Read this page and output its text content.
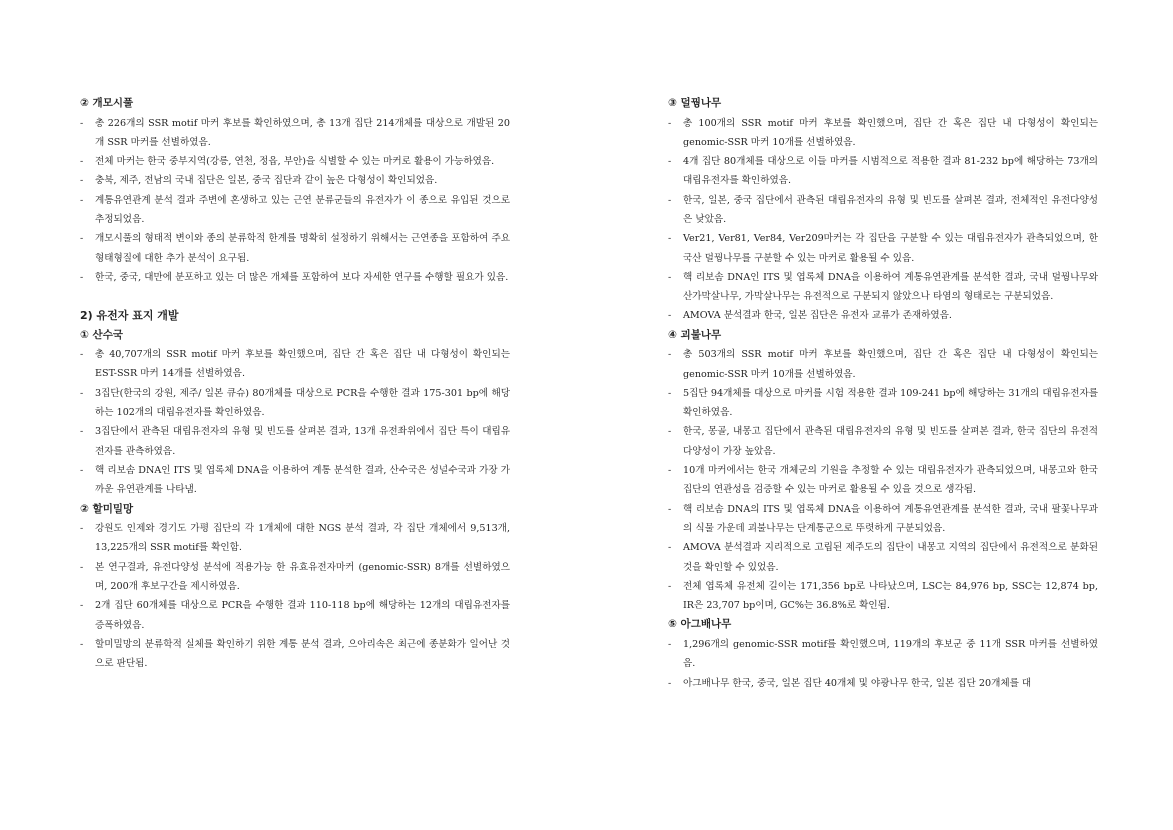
② 개모시풀
- 총 226개의 SSR motif 마커 후보를 확인하였으며, 총 13개 집단 214개체를 대상으로 개발된 20개 SSR 마커를 선별하였음.
- 전체 마커는 한국 중부지역(강릉, 연천, 정읍, 부안)을 식별할 수 있는 마커로 활용이 가능하였음.
- 충북, 제주, 전남의 국내 집단은 일본, 중국 집단과 같이 높은 다형성이 확인되었음.
- 계통유연관계 분석 결과 주변에 혼생하고 있는 근연 분류군들의 유전자가 이 종으로 유입된 것으로 추정되었음.
- 개모시풀의 형태적 변이와 종의 분류학적 한계를 명확히 설정하기 위해서는 근연종을 포함하여 주요 형태형질에 대한 추가 분석이 요구됨.
- 한국, 중국, 대만에 분포하고 있는 더 많은 개체를 포함하여 보다 자세한 연구를 수행할 필요가 있음.
2) 유전자 표지 개발
① 산수국
- 총 40,707개의 SSR motif 마커 후보를 확인했으며, 집단 간 혹은 집단 내 다형성이 확인되는 EST-SSR 마커 14개를 선별하였음.
- 3집단(한국의 강원, 제주/ 일본 큐슈) 80개체를 대상으로 PCR을 수행한 결과 175-301 bp에 해당하는 102개의 대립유전자를 확인하였음.
- 3집단에서 관측된 대립유전자의 유형 및 빈도를 살펴본 결과, 13개 유전좌위에서 집단 특이 대립유전자를 관측하였음.
- 핵 리보솜 DNA인 ITS 및 엽록체 DNA을 이용하여 계통 분석한 결과, 산수국은 성널수국과 가장 가까운 유연관계를 나타냄.
② 할미밀망
- 강원도 인제와 경기도 가평 집단의 각 1개체에 대한 NGS 분석 결과, 각 집단 개체에서 9,513개, 13,225개의 SSR motif를 확인함.
- 본 연구결과, 유전다양성 분석에 적용가능 한 유효유전자마커 (genomic-SSR) 8개를 선별하였으며, 200개 후보구간을 제시하였음.
- 2개 집단 60개체를 대상으로 PCR을 수행한 결과 110-118 bp에 해당하는 12개의 대립유전자를 증폭하였음.
- 할미밀망의 분류학적 실체를 확인하기 위한 계통 분석 결과, 으아리속은 최근에 종분화가 일어난 것으로 판단됨.
③ 덜꿩나무
- 총 100개의 SSR motif 마커 후보를 확인했으며, 집단 간 혹은 집단 내 다형성이 확인되는 genomic-SSR 마커 10개를 선별하였음.
- 4개 집단 80개체를 대상으로 이들 마커를 시범적으로 적용한 결과 81-232 bp에 해당하는 73개의 대립유전자를 확인하였음.
- 한국, 일본, 중국 집단에서 관측된 대립유전자의 유형 및 빈도를 살펴본 결과, 전체적인 유전다양성은 낮았음.
- Ver21, Ver81, Ver84, Ver209마커는 각 집단을 구분할 수 있는 대립유전자가 관측되었으며, 한국산 덜꿩나무를 구분할 수 있는 마커로 활용될 수 있음.
- 핵 리보솜 DNA인 ITS 및 엽록체 DNA을 이용하여 계통유연관계를 분석한 결과, 국내 덜꿩나무와 산가막살나무, 가막살나무는 유전적으로 구분되지 않았으나 타염의 형태로는 구분되었음.
- AMOVA 분석결과 한국, 일본 집단은 유전자 교류가 존재하였음.
④ 괴불나무
- 총 503개의 SSR motif 마커 후보를 확인했으며, 집단 간 혹은 집단 내 다형성이 확인되는 genomic-SSR 마커 10개를 선별하였음.
- 5집단 94개체를 대상으로 마커를 시험 적용한 결과 109-241 bp에 해당하는 31개의 대립유전자를 확인하였음.
- 한국, 몽골, 내몽고 집단에서 관측된 대립유전자의 유형 및 빈도를 살펴본 결과, 한국 집단의 유전적 다양성이 가장 높았음.
- 10개 마커에서는 한국 개체군의 기원을 추정할 수 있는 대립유전자가 관측되었으며, 내몽고와 한국 집단의 연관성을 검증할 수 있는 마커로 활용될 수 있을 것으로 생각됨.
- 핵 리보솜 DNA의 ITS 및 엽록체 DNA을 이용하여 계통유연관계를 분석한 결과, 국내 팔꽃나무과의 식물 가운데 괴불나무는 단계통군으로 뚜렷하게 구분되었음.
- AMOVA 분석결과 지리적으로 고립된 제주도의 집단이 내몽고 지역의 집단에서 유전적으로 분화된 것을 확인할 수 있었음.
- 전체 엽록체 유전체 길이는 171,356 bp로 나타났으며, LSC는 84,976 bp, SSC는 12,874 bp, IR은 23,707 bp이며, GC%는 36.8%로 확인됨.
⑤ 아그배나무
- 1,296개의 genomic-SSR motif를 확인했으며, 119개의 후보군 중 11개 SSR 마커를 선별하였음.
- 아그배나무 한국, 중국, 일본 집단 40개체 및 야광나무 한국, 일본 집단 20개체를 대
